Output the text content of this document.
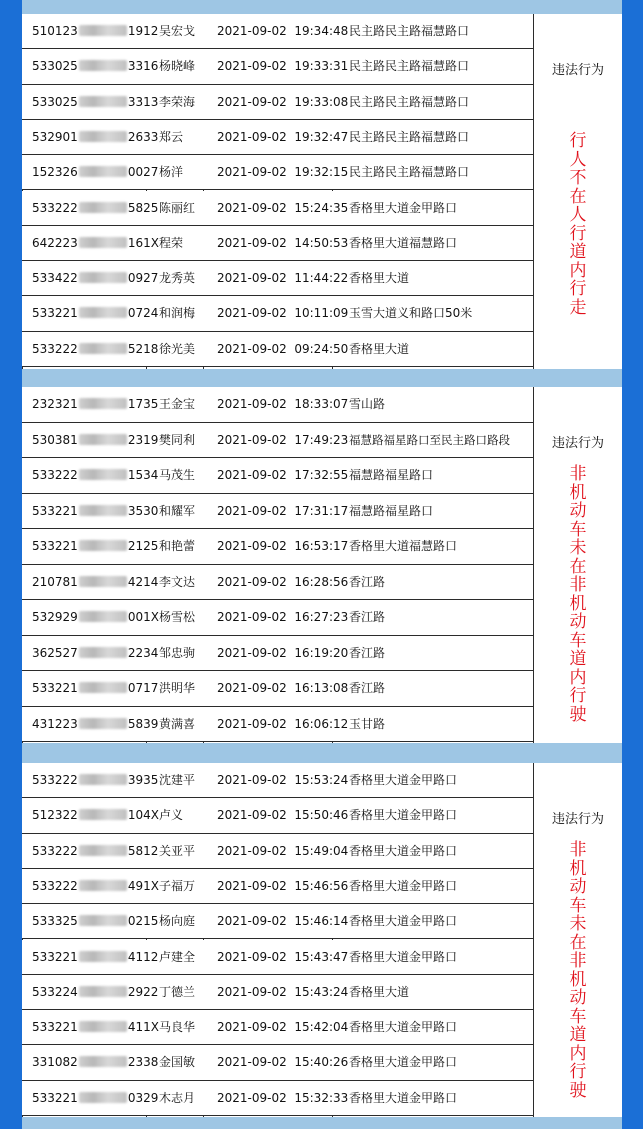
510123	1912 吴宏戈	2021-09-02  19:34:48 民主路民主路福慧路口
533025	3316 杨晓峰	2021-09-02  19:33:31 民主路民主路福慧路口
533025	3313 李荣海	2021-09-02  19:33:08 民主路民主路福慧路口
532901	2633 郑云	2021-09-02  19:32:47 民主路民主路福慧路口
152326	0027 杨洋	2021-09-02  19:32:15 民主路民主路福慧路口
533222	5825 陈丽红	2021-09-02  15:24:35 香格里大道金甲路口
642223	161X 程荣	2021-09-02  14:50:53 香格里大道福慧路口
533422	0927 龙秀英	2021-09-02  11:44:22 香格里大道
533221	0724 和润梅	2021-09-02  10:11:09 玉雪大道义和路口50米
533222	5218 徐光美	2021-09-02  09:24:50 香格里大道
违法行为
行人不在人行道内行走
232321	1735 王金宝	2021-09-02  18:33:07 雪山路
530381	2319 樊同利	2021-09-02  17:49:23 福慧路福星路口至民主路口路段
533222	1534 马茂生	2021-09-02  17:32:55 福慧路福星路口
533221	3530 和耀军	2021-09-02  17:31:17 福慧路福星路口
533221	2125 和艳蕾	2021-09-02  16:53:17 香格里大道福慧路口
210781	4214 李文达	2021-09-02  16:28:56 香江路
532929	001X 杨雪松	2021-09-02  16:27:23 香江路
362527	2234 邹忠驹	2021-09-02  16:19:20 香江路
533221	0717 洪明华	2021-09-02  16:13:08 香江路
431223	5839 黄满喜	2021-09-02  16:06:12 玉甘路
违法行为
非机动车未在非机动车道内行驶
533222	3935 沈建平	2021-09-02  15:53:24 香格里大道金甲路口
512322	104X 卢义	2021-09-02  15:50:46 香格里大道金甲路口
533222	5812 关亚平	2021-09-02  15:49:04 香格里大道金甲路口
533222	491X 子福万	2021-09-02  15:46:56 香格里大道金甲路口
533325	0215 杨向庭	2021-09-02  15:46:14 香格里大道金甲路口
533221	4112 卢建全	2021-09-02  15:43:47 香格里大道金甲路口
533224	2922 丁德兰	2021-09-02  15:43:24 香格里大道
533221	411X 马良华	2021-09-02  15:42:04 香格里大道金甲路口
331082	2338 金国敏	2021-09-02  15:40:26 香格里大道金甲路口
533221	0329 木志月	2021-09-02  15:32:33 香格里大道金甲路口
违法行为
非机动车未在非机动车道内行驶
